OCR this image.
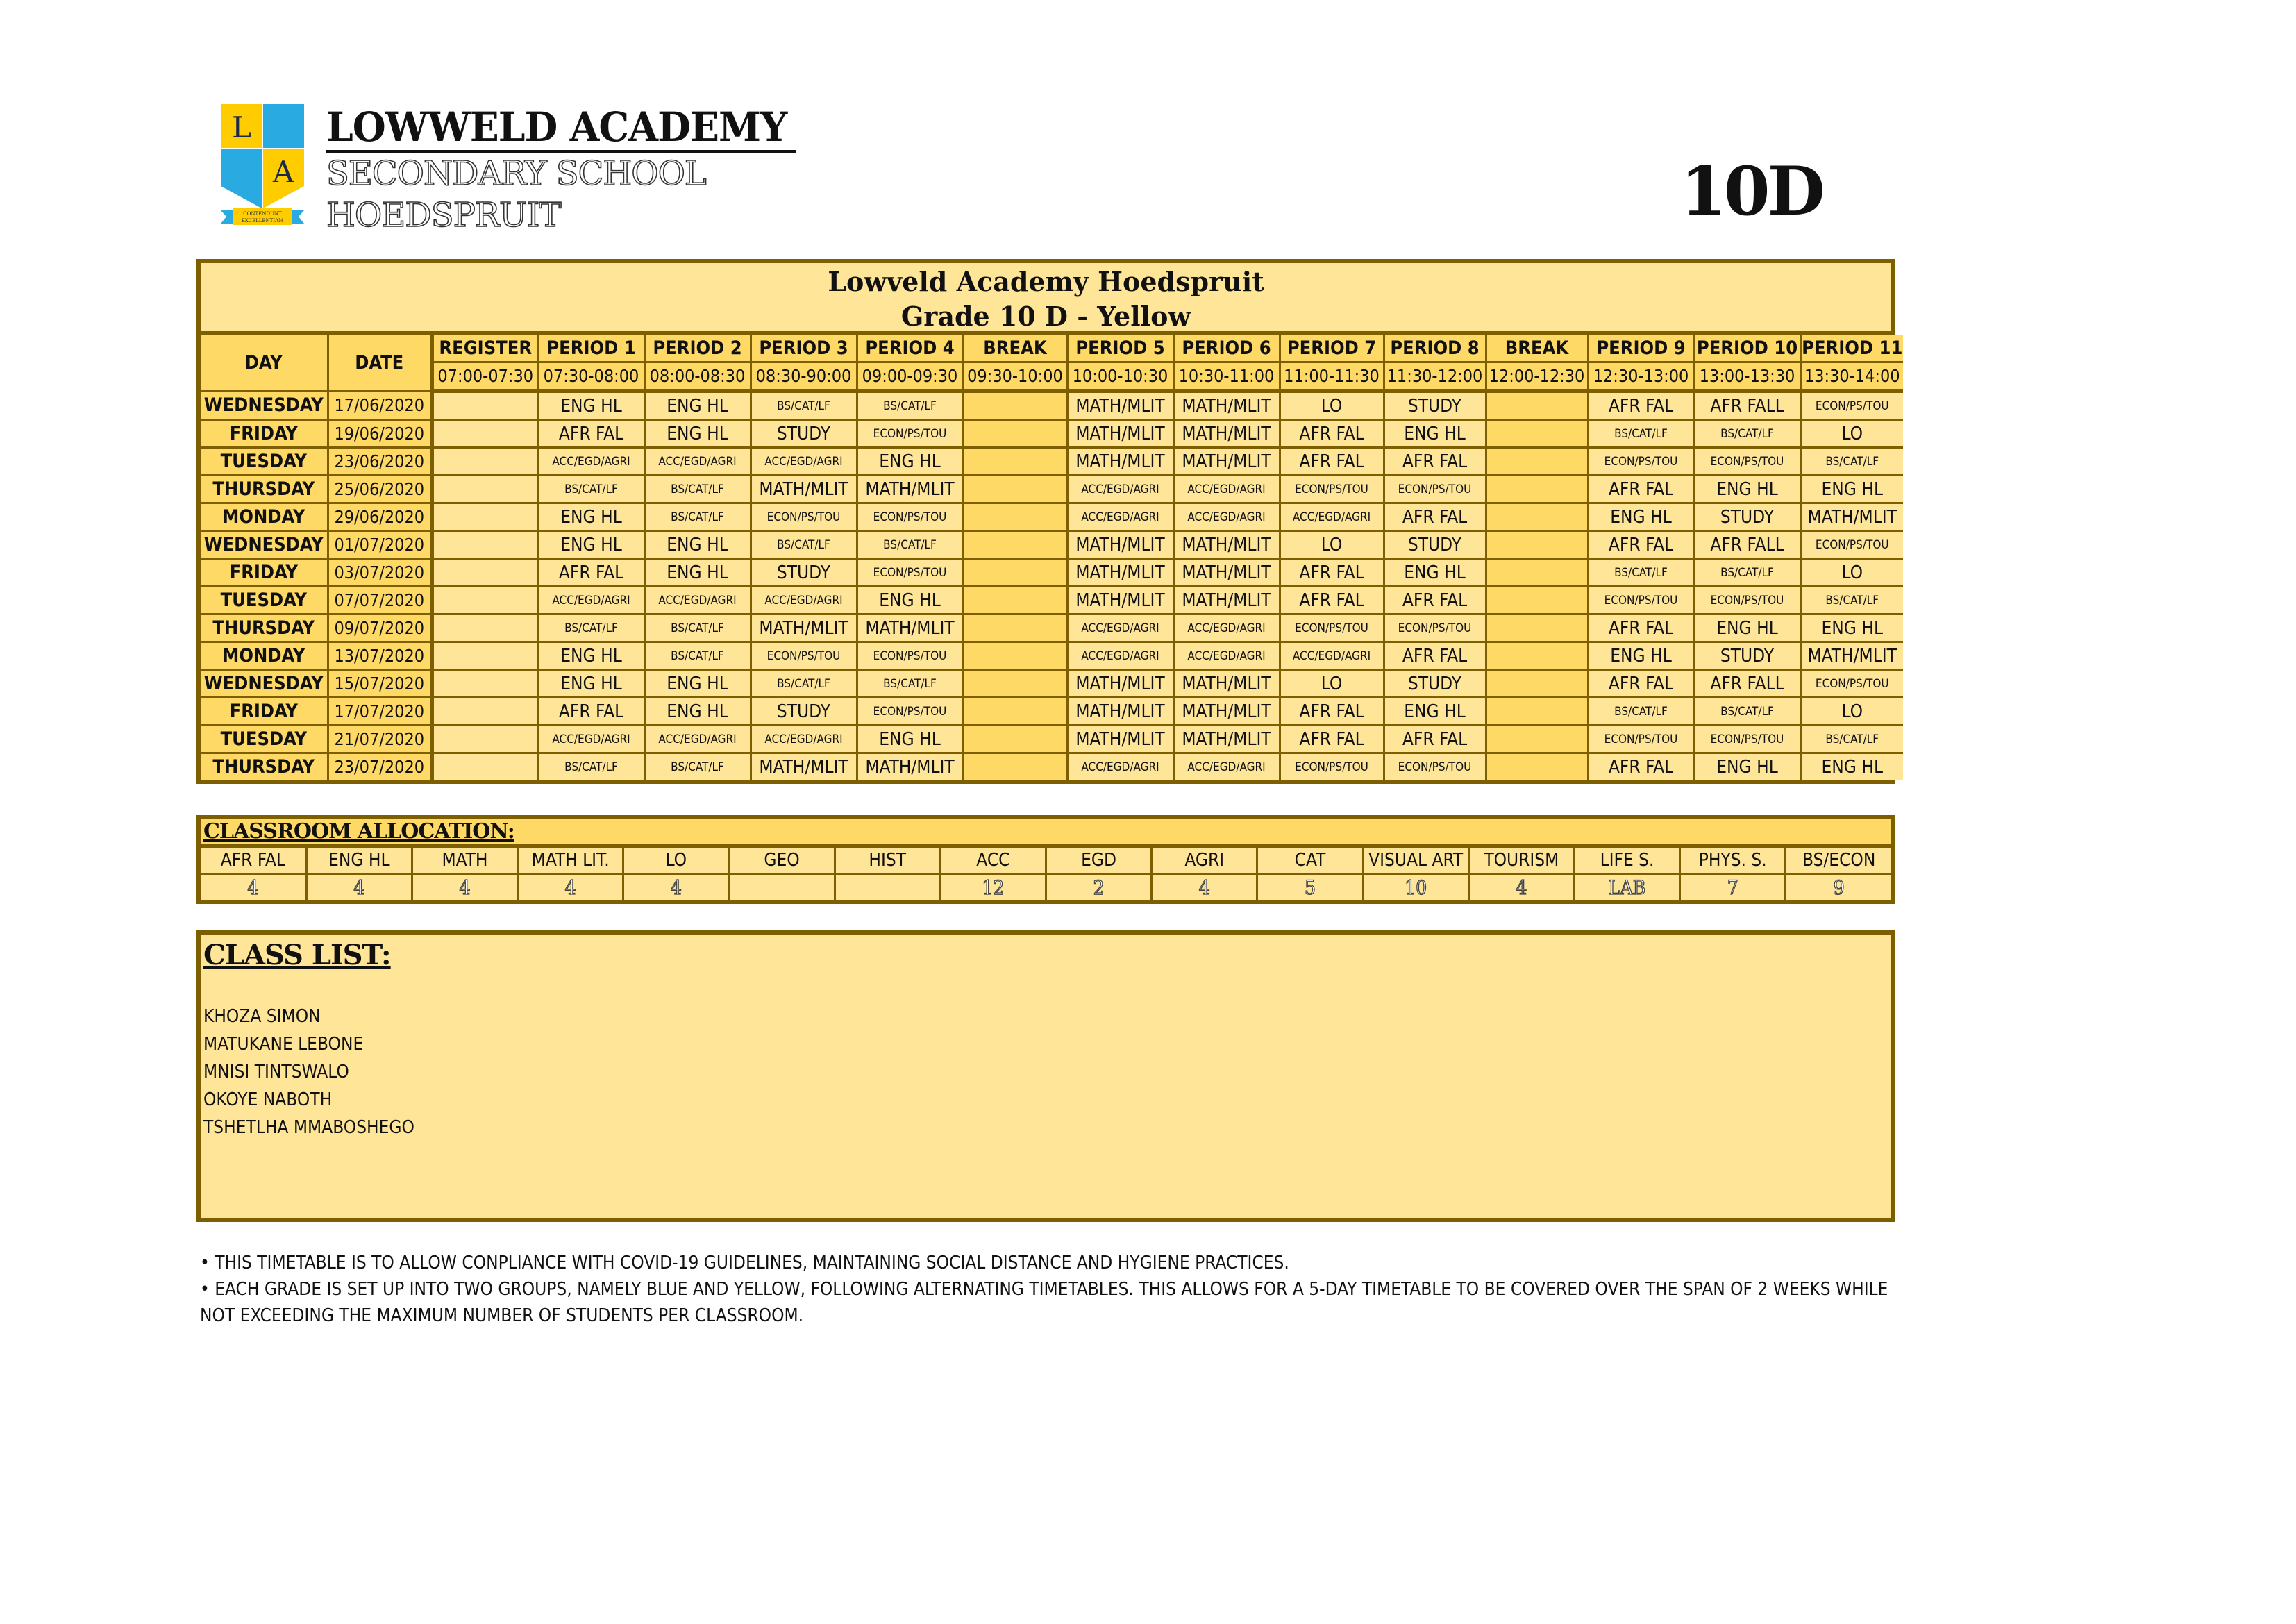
L
A
CONTENDUNT
EXCELLENTIAM
LOWWELD ACADEMY
SECONDARY SCHOOL
HOEDSPRUIT	10D
Lowveld Academy Hoedspruit
Grade 10 D - Yellow
DAY	DATE	REGISTER	PERIOD 1	PERIOD 2	PERIOD 3	PERIOD 4	BREAK	PERIOD 5	PERIOD 6	PERIOD 7	PERIOD 8	BREAK	PERIOD 9	PERIOD 10	PERIOD 11
		07:00-07:30	07:30-08:00	08:00-08:30	08:30-90:00	09:00-09:30	09:30-10:00	10:00-10:30	10:30-11:00	11:00-11:30	11:30-12:00	12:00-12:30	12:30-13:00	13:00-13:30	13:30-14:00
WEDNESDAY	17/06/2020		ENG HL	ENG HL	BS/CAT/LF	BS/CAT/LF		MATH/MLIT	MATH/MLIT	LO	STUDY		AFR FAL	AFR FALL	ECON/PS/TOU
FRIDAY	19/06/2020		AFR FAL	ENG HL	STUDY	ECON/PS/TOU		MATH/MLIT	MATH/MLIT	AFR FAL	ENG HL		BS/CAT/LF	BS/CAT/LF	LO
TUESDAY	23/06/2020		ACC/EGD/AGRI	ACC/EGD/AGRI	ACC/EGD/AGRI	ENG HL		MATH/MLIT	MATH/MLIT	AFR FAL	AFR FAL		ECON/PS/TOU	ECON/PS/TOU	BS/CAT/LF
THURSDAY	25/06/2020		BS/CAT/LF	BS/CAT/LF	MATH/MLIT	MATH/MLIT		ACC/EGD/AGRI	ACC/EGD/AGRI	ECON/PS/TOU	ECON/PS/TOU		AFR FAL	ENG HL	ENG HL
MONDAY	29/06/2020		ENG HL	BS/CAT/LF	ECON/PS/TOU	ECON/PS/TOU		ACC/EGD/AGRI	ACC/EGD/AGRI	ACC/EGD/AGRI	AFR FAL		ENG HL	STUDY	MATH/MLIT
WEDNESDAY	01/07/2020		ENG HL	ENG HL	BS/CAT/LF	BS/CAT/LF		MATH/MLIT	MATH/MLIT	LO	STUDY		AFR FAL	AFR FALL	ECON/PS/TOU
FRIDAY	03/07/2020		AFR FAL	ENG HL	STUDY	ECON/PS/TOU		MATH/MLIT	MATH/MLIT	AFR FAL	ENG HL		BS/CAT/LF	BS/CAT/LF	LO
TUESDAY	07/07/2020		ACC/EGD/AGRI	ACC/EGD/AGRI	ACC/EGD/AGRI	ENG HL		MATH/MLIT	MATH/MLIT	AFR FAL	AFR FAL		ECON/PS/TOU	ECON/PS/TOU	BS/CAT/LF
THURSDAY	09/07/2020		BS/CAT/LF	BS/CAT/LF	MATH/MLIT	MATH/MLIT		ACC/EGD/AGRI	ACC/EGD/AGRI	ECON/PS/TOU	ECON/PS/TOU		AFR FAL	ENG HL	ENG HL
MONDAY	13/07/2020		ENG HL	BS/CAT/LF	ECON/PS/TOU	ECON/PS/TOU		ACC/EGD/AGRI	ACC/EGD/AGRI	ACC/EGD/AGRI	AFR FAL		ENG HL	STUDY	MATH/MLIT
WEDNESDAY	15/07/2020		ENG HL	ENG HL	BS/CAT/LF	BS/CAT/LF		MATH/MLIT	MATH/MLIT	LO	STUDY		AFR FAL	AFR FALL	ECON/PS/TOU
FRIDAY	17/07/2020		AFR FAL	ENG HL	STUDY	ECON/PS/TOU		MATH/MLIT	MATH/MLIT	AFR FAL	ENG HL		BS/CAT/LF	BS/CAT/LF	LO
TUESDAY	21/07/2020		ACC/EGD/AGRI	ACC/EGD/AGRI	ACC/EGD/AGRI	ENG HL		MATH/MLIT	MATH/MLIT	AFR FAL	AFR FAL		ECON/PS/TOU	ECON/PS/TOU	BS/CAT/LF
THURSDAY	23/07/2020		BS/CAT/LF	BS/CAT/LF	MATH/MLIT	MATH/MLIT		ACC/EGD/AGRI	ACC/EGD/AGRI	ECON/PS/TOU	ECON/PS/TOU		AFR FAL	ENG HL	ENG HL
CLASSROOM ALLOCATION:
AFR FAL	ENG HL	MATH	MATH LIT.	LO	GEO	HIST	ACC	EGD	AGRI	CAT	VISUAL ART	TOURISM	LIFE S.	PHYS. S.	BS/ECON
4	4	4	4	4			12	2	4	5	10	4	LAB	7	9
CLASS LIST:
KHOZA SIMON
MATUKANE LEBONE
MNISI TINTSWALO
OKOYE NABOTH
TSHETLHA MMABOSHEGO

• THIS TIMETABLE IS TO ALLOW CONPLIANCE WITH COVID-19 GUIDELINES, MAINTAINING SOCIAL DISTANCE AND HYGIENE PRACTICES.

• EACH GRADE IS SET UP INTO TWO GROUPS, NAMELY BLUE AND YELLOW, FOLLOWING ALTERNATING TIMETABLES. THIS ALLOWS FOR A 5-DAY TIMETABLE TO BE COVERED OVER THE SPAN OF 2 WEEKS WHILE NOT EXCEEDING THE MAXIMUM NUMBER OF STUDENTS PER CLASSROOM.
